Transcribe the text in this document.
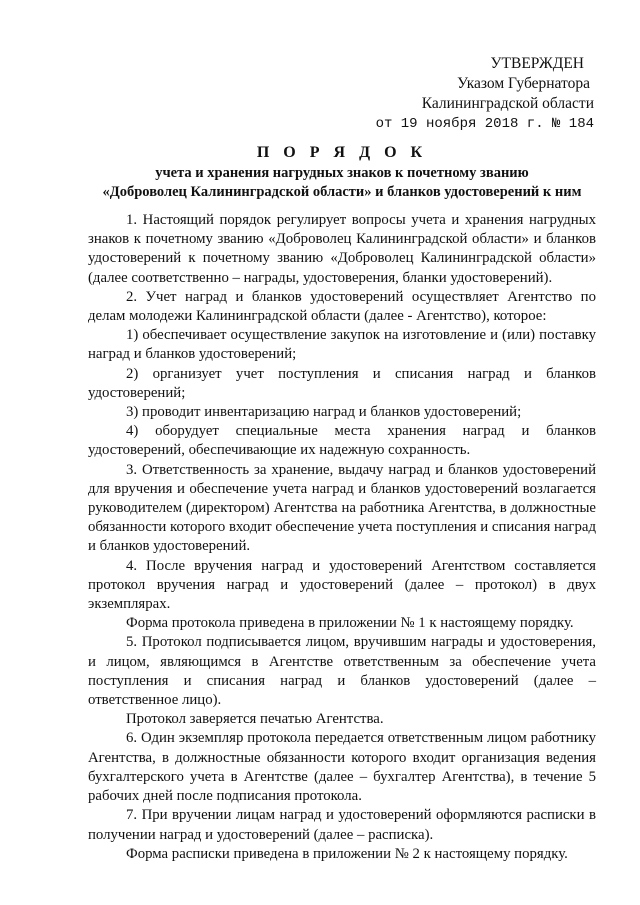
УТВЕРЖДЕН
Указом Губернатора
Калининградской области
от 19 ноября 2018 г. № 184
П О Р Я Д О К
учета и хранения нагрудных знаков к почетному званию
«Доброволец Калининградской области» и бланков удостоверений к ним

1. Настоящий порядок регулирует вопросы учета и хранения нагрудных знаков к почетному званию «Доброволец Калининградской области» и бланков удостоверений к почетному званию «Доброволец Калининградской области» (далее соответственно – награды, удостоверения, бланки удостоверений).

2. Учет наград и бланков удостоверений осуществляет Агентство по делам молодежи Калининградской области (далее - Агентство), которое:

1) обеспечивает осуществление закупок на изготовление и (или) поставку наград и бланков удостоверений;

2) организует учет поступления и списания наград и бланков удостоверений;

3) проводит инвентаризацию наград и бланков удостоверений;

4) оборудует специальные места хранения наград и бланков удостоверений, обеспечивающие их надежную сохранность.

3. Ответственность за хранение, выдачу наград и бланков удостоверений для вручения и обеспечение учета наград и бланков удостоверений возлагается руководителем (директором) Агентства на работника Агентства, в должностные обязанности которого входит обеспечение учета поступления и списания наград и бланков удостоверений.

4. После вручения наград и удостоверений Агентством составляется протокол вручения наград и удостоверений (далее – протокол) в двух экземплярах.

Форма протокола приведена в приложении № 1 к настоящему порядку.

5. Протокол подписывается лицом, вручившим награды и удостоверения, и лицом, являющимся в Агентстве ответственным за обеспечение учета поступления и списания наград и бланков удостоверений (далее – ответственное лицо).

Протокол заверяется печатью Агентства.

6. Один экземпляр протокола передается ответственным лицом работнику Агентства, в должностные обязанности которого входит организация ведения бухгалтерского учета в Агентстве (далее – бухгалтер Агентства), в течение 5 рабочих дней после подписания протокола.

7. При вручении лицам наград и удостоверений оформляются расписки в получении наград и удостоверений (далее – расписка).

Форма расписки приведена в приложении № 2 к настоящему порядку.
